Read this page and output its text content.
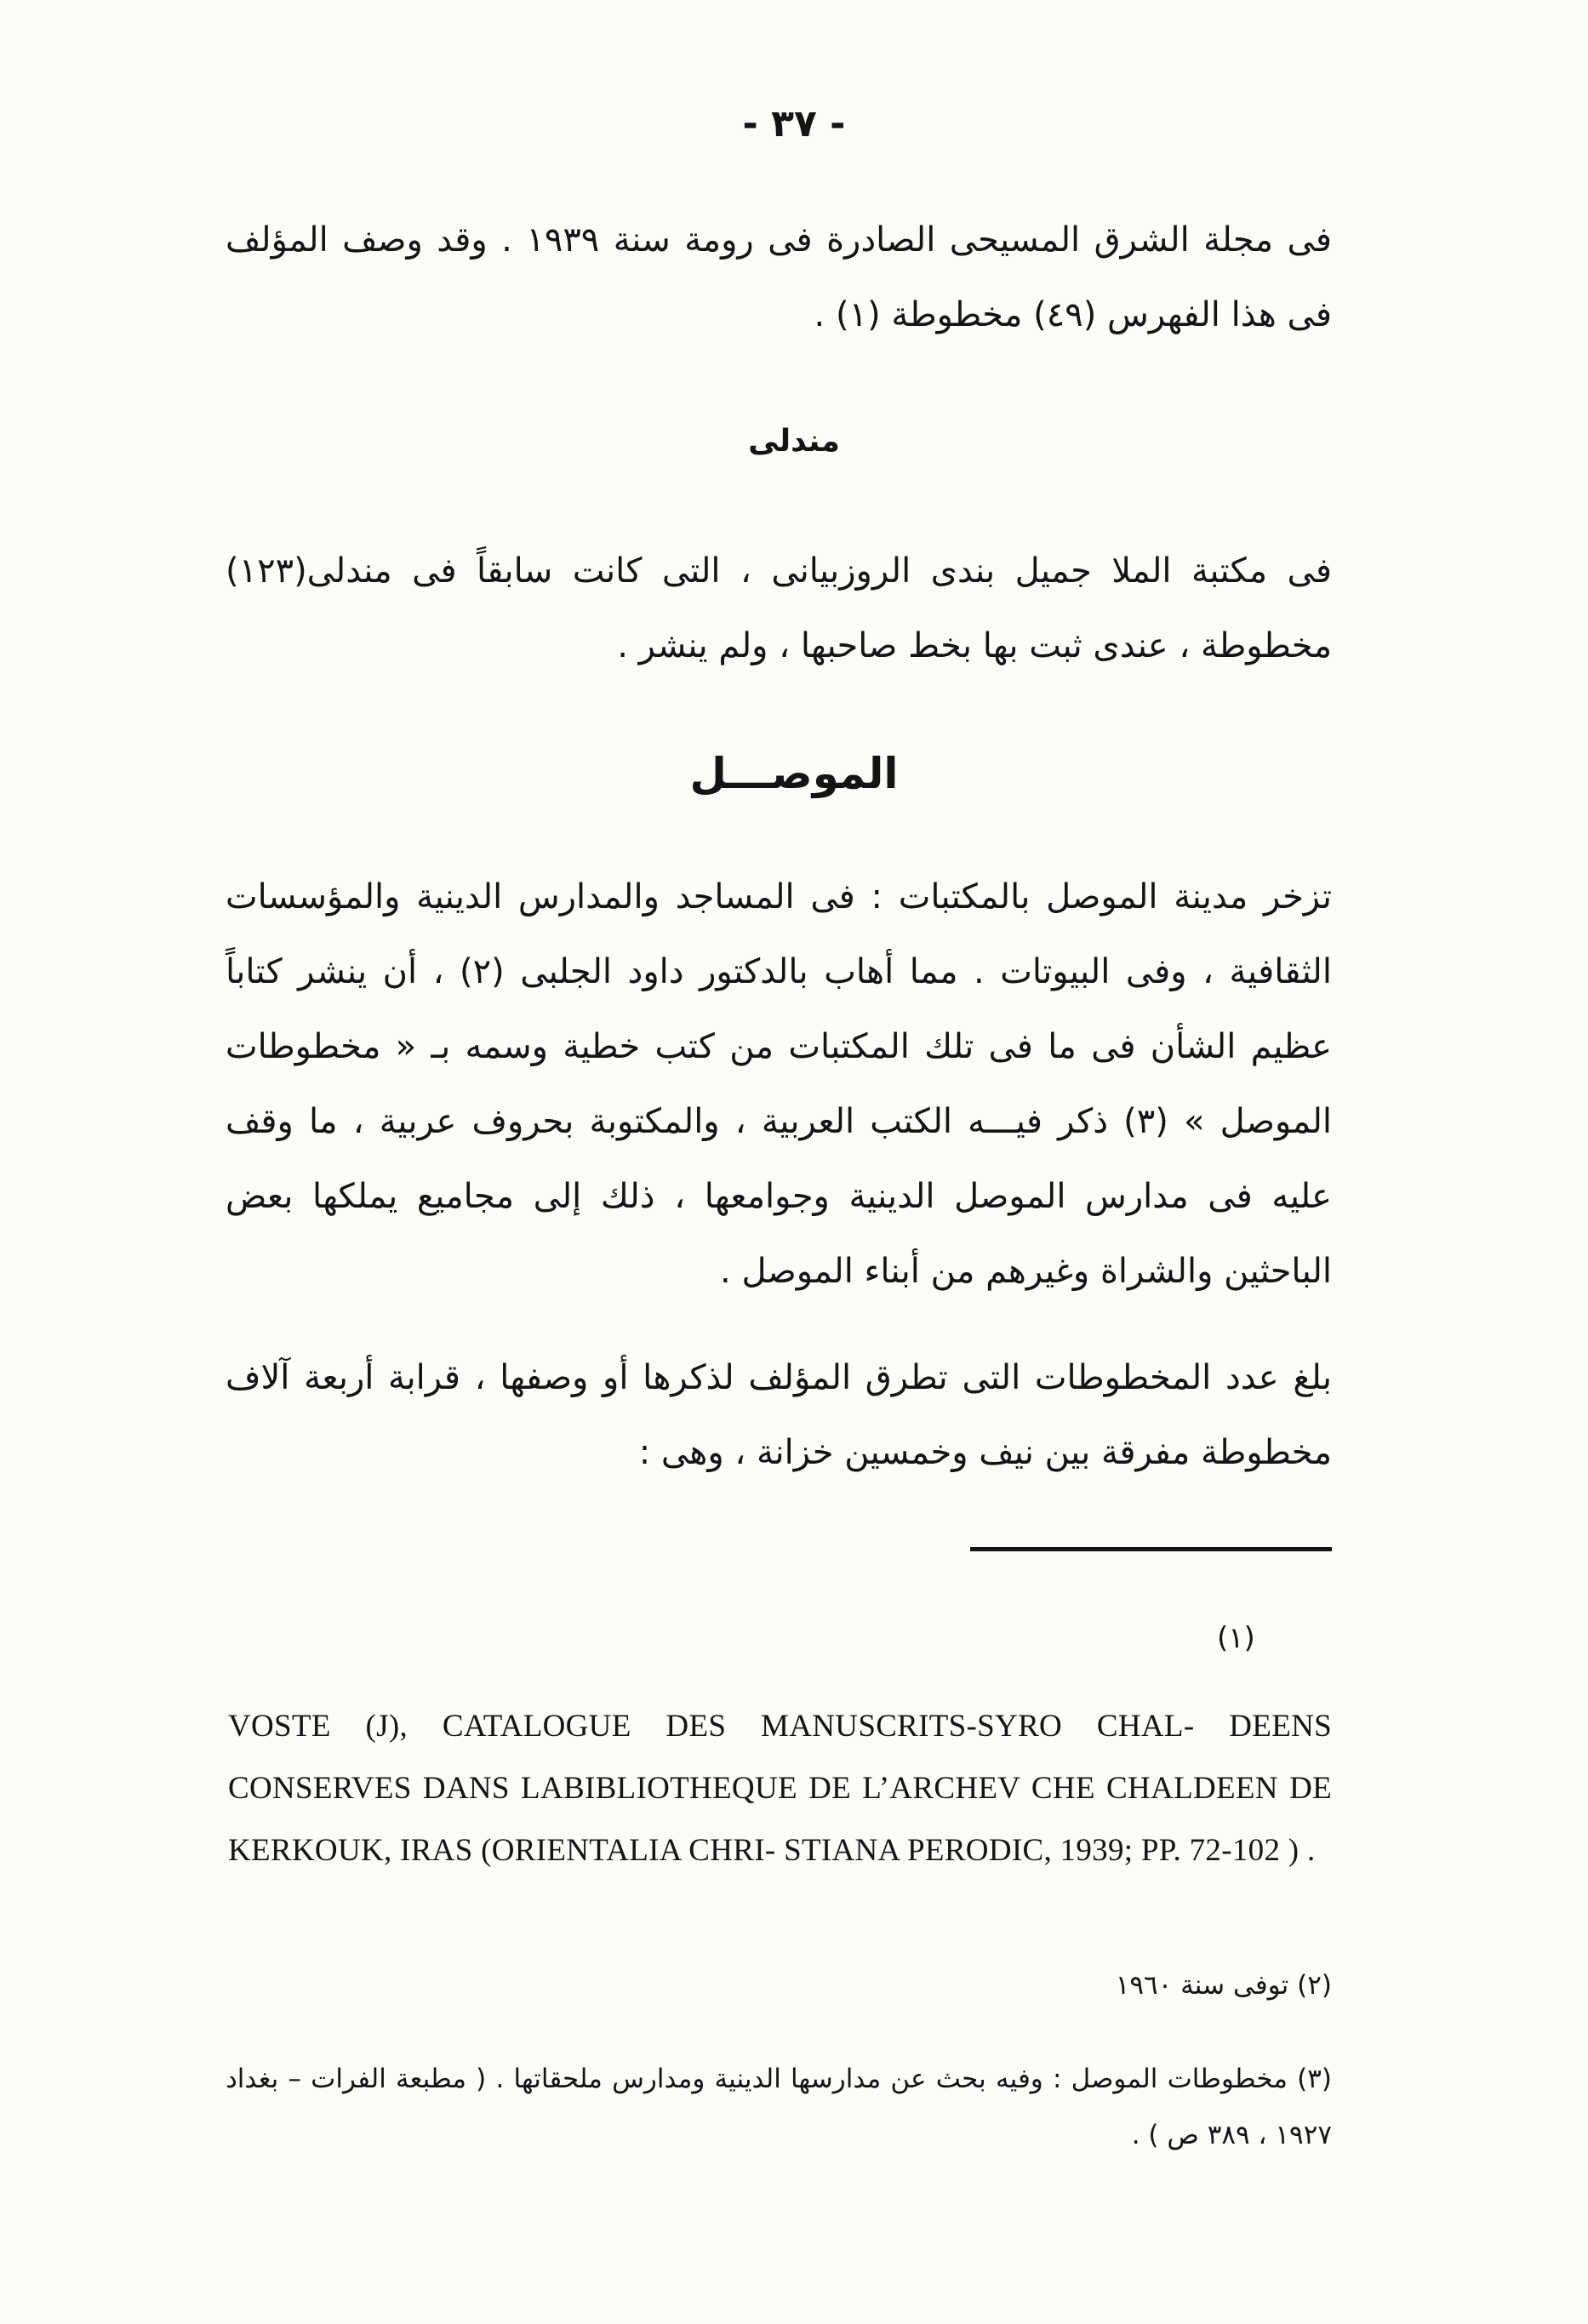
- ٣٧ -

فى مجلة الشرق المسيحى الصادرة فى رومة سنة ١٩٣٩ . وقد وصف المؤلف فى هذا الفهرس (٤٩) مخطوطة (١) .

مندلى

فى مكتبة الملا جميل بندى الروزبيانى ، التى كانت سابقاً فى مندلى(١٢٣) مخطوطة ، عندى ثبت بها بخط صاحبها ، ولم ينشر .

الموصـــل

تزخر مدينة الموصل بالمكتبات : فى المساجد والمدارس الدينية والمؤسسات الثقافية ، وفى البيوتات . مما أهاب بالدكتور داود الجلبى (٢) ، أن ينشر كتاباً عظيم الشأن فى ما فى تلك المكتبات من كتب خطية وسمه بـ « مخطوطات الموصل » (٣) ذكر فيـــه الكتب العربية ، والمكتوبة بحروف عربية ، ما وقف عليه فى مدارس الموصل الدينية وجوامعها ، ذلك إلى مجاميع يملكها بعض الباحثين والشراة وغيرهم من أبناء الموصل .

بلغ عدد المخطوطات التى تطرق المؤلف لذكرها أو وصفها ، قرابة أربعة آلاف مخطوطة مفرقة بين نيف وخمسين خزانة ، وهى :

(١)
VOSTE (J), CATALOGUE DES MANUSCRITS-SYRO CHAL- DEENS CONSERVES DANS LABIBLIOTHEQUE DE L’ARCHEV CHE CHALDEEN DE KERKOUK, IRAS (ORIENTALIA CHRI- STIANA PERODIC, 1939; PP. 72-102 ) .

(٢) توفى سنة ١٩٦٠

(٣) مخطوطات الموصل : وفيه بحث عن مدارسها الدينية ومدارس ملحقاتها . ( مطبعة الفرات – بغداد ١٩٢٧ ، ٣٨٩ ص ) .
